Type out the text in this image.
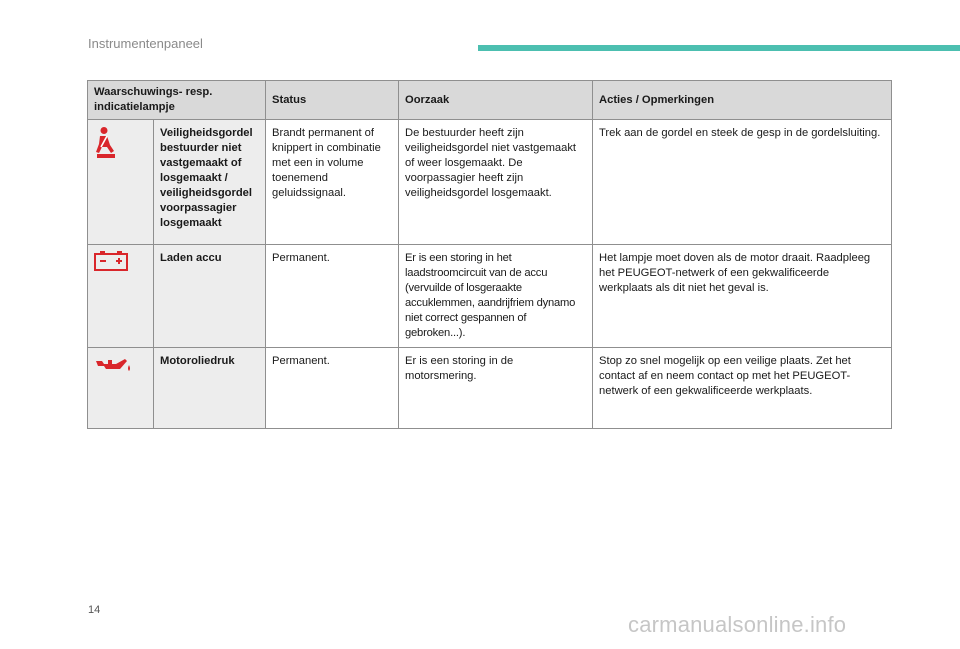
Instrumentenpaneel
Waarschuwings- resp. indicatielampje		Status	Oorzaak	Acties / Opmerkingen
	Veiligheidsgordel bestuurder niet vastgemaakt of losgemaakt / veiligheidsgordel voorpassagier losgemaakt	Brandt permanent of knippert in combinatie met een in volume toenemend geluidssignaal.	De bestuurder heeft zijn veiligheidsgordel niet vastgemaakt of weer losgemaakt. De voorpassagier heeft zijn veiligheidsgordel losgemaakt.	Trek aan de gordel en steek de gesp in de gordelsluiting.
	Laden accu	Permanent.	Er is een storing in het laadstroomcircuit van de accu (vervuilde of losgeraakte accuklemmen, aandrijfriem dynamo niet correct gespannen of gebroken...).	Het lampje moet doven als de motor draait. Raadpleeg het PEUGEOT-netwerk of een gekwalificeerde werkplaats als dit niet het geval is.
	Motoroliedruk	Permanent.	Er is een storing in de motorsmering.	Stop zo snel mogelijk op een veilige plaats. Zet het contact af en neem contact op met het PEUGEOT-netwerk of een gekwalificeerde werkplaats.
14
carmanualsonline.info
